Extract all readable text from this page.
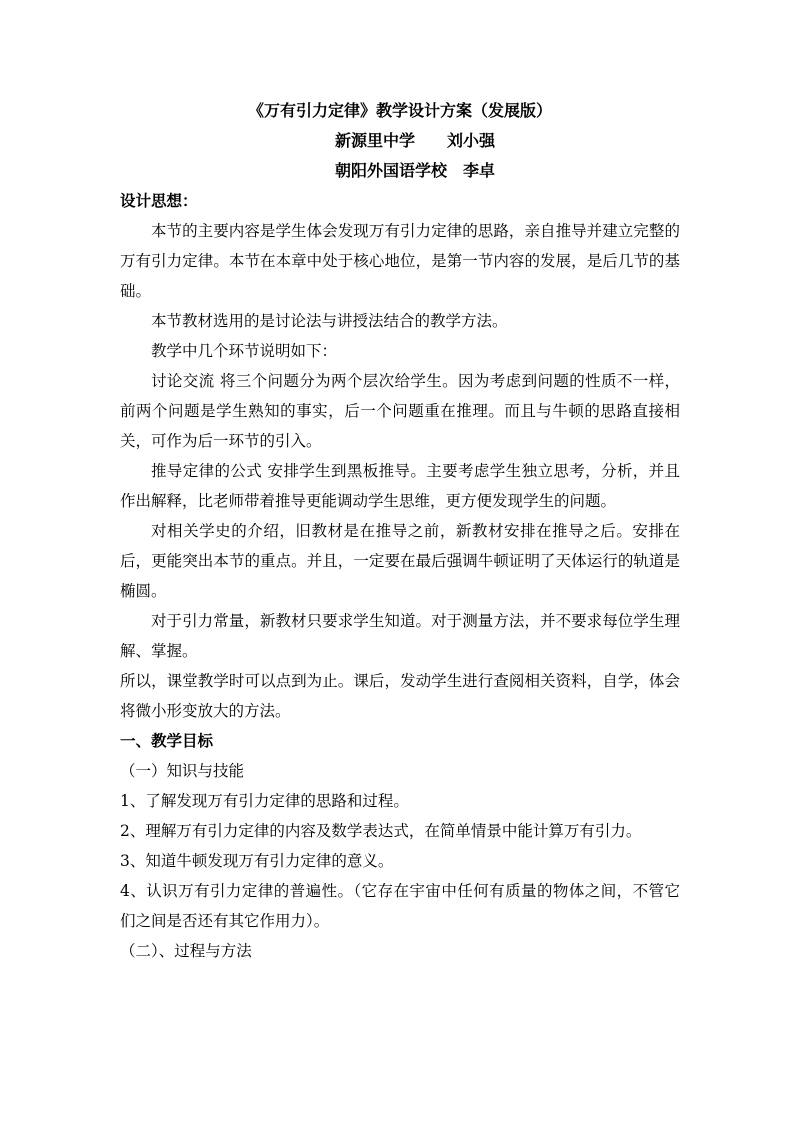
《万有引力定律》教学设计方案（发展版）
新源里中学　　刘小强
朝阳外国语学校　李卓
设计思想：

本节的主要内容是学生体会发现万有引力定律的思路，亲自推导并建立完整的万有引力定律。本节在本章中处于核心地位，是第一节内容的发展，是后几节的基础。

本节教材选用的是讨论法与讲授法结合的教学方法。

教学中几个环节说明如下：

讨论交流 将三个问题分为两个层次给学生。因为考虑到问题的性质不一样，前两个问题是学生熟知的事实，后一个问题重在推理。而且与牛顿的思路直接相关，可作为后一环节的引入。

推导定律的公式 安排学生到黑板推导。主要考虑学生独立思考，分析，并且作出解释，比老师带着推导更能调动学生思维，更方便发现学生的问题。

对相关学史的介绍，旧教材是在推导之前，新教材安排在推导之后。安排在后，更能突出本节的重点。并且，一定要在最后强调牛顿证明了天体运行的轨道是椭圆。

对于引力常量，新教材只要求学生知道。对于测量方法，并不要求每位学生理解、掌握。

所以，课堂教学时可以点到为止。课后，发动学生进行查阅相关资料，自学，体会将微小形变放大的方法。

一、教学目标
（一）知识与技能

1、了解发现万有引力定律的思路和过程。

2、理解万有引力定律的内容及数学表达式，在简单情景中能计算万有引力。

3、知道牛顿发现万有引力定律的意义。

4、认识万有引力定律的普遍性。（它存在宇宙中任何有质量的物体之间，不管它们之间是否还有其它作用力）。

（二）、过程与方法
